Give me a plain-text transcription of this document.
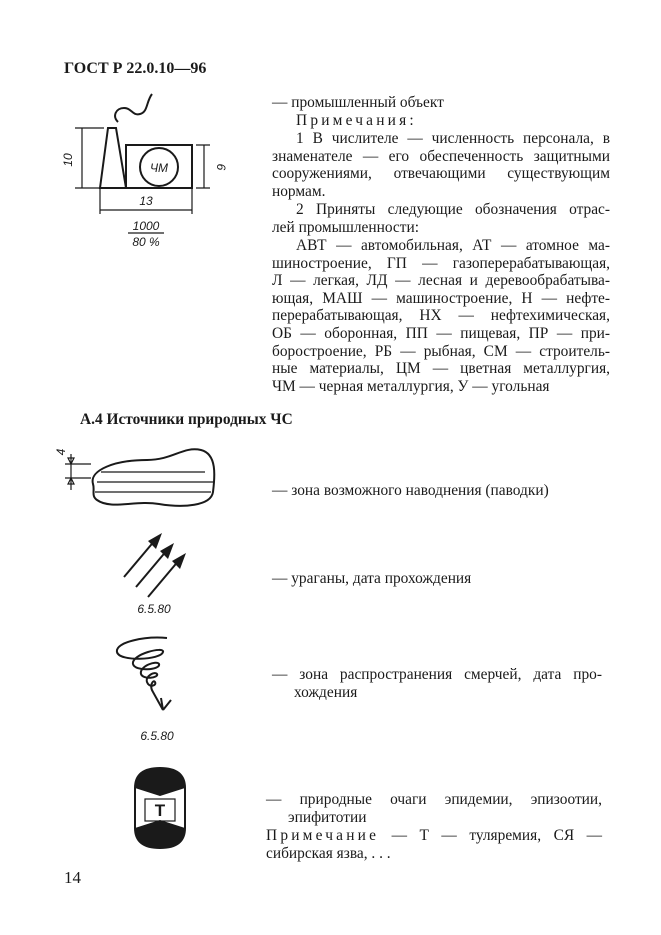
ГОСТ Р 22.0.10—96
ЧМ
10
6
13
1000
80 %
— промышленный объект
Примечания:
1 В числителе — численность персонала, в
знаменателе — его обеспеченность защитными
сооружениями, отвечающими существующим
нормам.
2 Приняты следующие обозначения отрас-
лей промышленности:
АВТ — автомобильная, АТ — атомное ма-
шиностроение, ГП — газоперерабатывающая,
Л — легкая, ЛД — лесная и деревообрабатыва-
ющая, МАШ — машиностроение, Н — нефте-
перерабатывающая, НХ — нефтехимическая,
ОБ — оборонная, ПП — пищевая, ПР — при-
боростроение, РБ — рыбная, СМ — строитель-
ные материалы, ЦМ — цветная металлургия,
ЧМ — черная металлургия, У — угольная
А.4 Источники природных ЧС
4
— зона возможного наводнения (паводки)
6.5.80
— ураганы, дата прохождения
6.5.80
— зона распространения смерчей, дата про-
хождения
Т
— природные очаги эпидемии, эпизоотии,
эпифитотии
Примечание — Т — туляремия, СЯ —
сибирская язва, . . .
14
